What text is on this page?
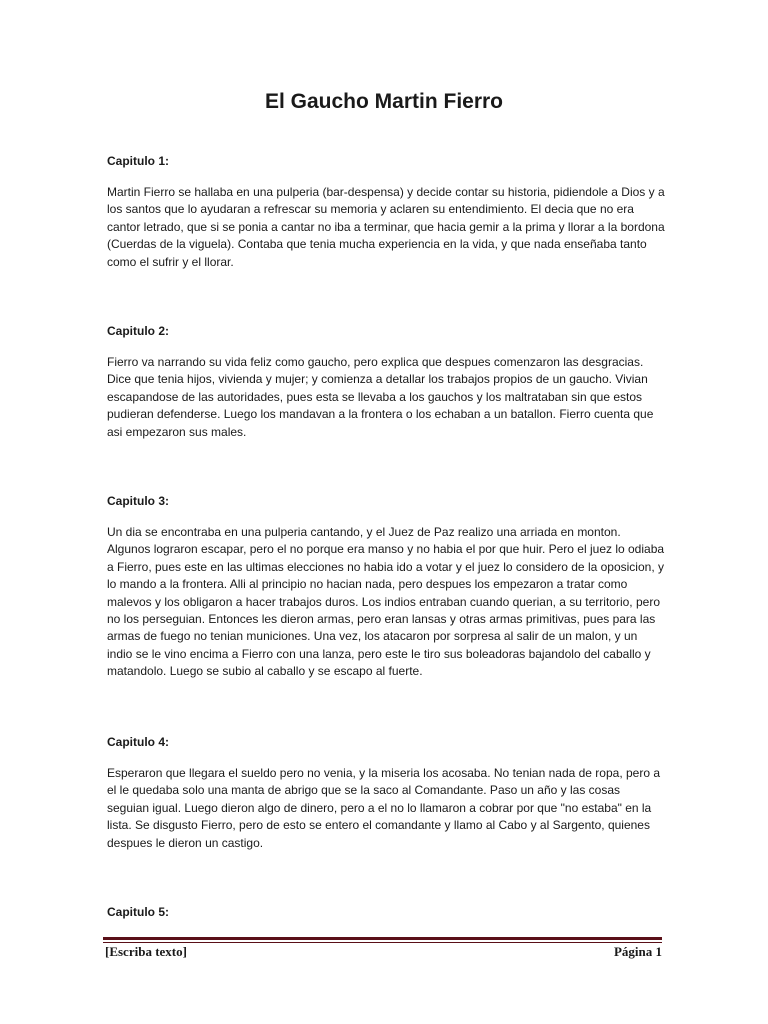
El Gaucho Martin Fierro

Capitulo 1:

Martin Fierro se hallaba en una pulperia (bar-despensa) y decide contar su historia, pidiendole a Dios y a los santos que lo ayudaran a refrescar su memoria y aclaren su entendimiento. El decia que no era cantor letrado, que si se ponia a cantar no iba a terminar, que hacia gemir a la prima y llorar a la bordona (Cuerdas de la viguela). Contaba que tenia mucha experiencia en la vida, y que nada enseñaba tanto como el sufrir y el llorar.

Capitulo 2:

Fierro va narrando su vida feliz como gaucho, pero explica que despues comenzaron las desgracias. Dice que tenia hijos, vivienda y mujer; y comienza a detallar los trabajos propios de un gaucho. Vivian escapandose de las autoridades, pues esta se llevaba a los gauchos y los maltrataban sin que estos pudieran defenderse. Luego los mandavan a la frontera o los echaban a un batallon. Fierro cuenta que asi empezaron sus males.

Capitulo 3:

Un dia se encontraba en una pulperia cantando, y el Juez de Paz realizo una arriada en monton. Algunos lograron escapar, pero el no porque era manso y no habia el por que huir. Pero el juez lo odiaba a Fierro, pues este en las ultimas elecciones no habia ido a votar y el juez lo considero de la oposicion, y lo mando a la frontera. Alli al principio no hacian nada, pero despues los empezaron a tratar como malevos y los obligaron a hacer trabajos duros. Los indios entraban cuando querian, a su territorio, pero no los perseguian. Entonces les dieron armas, pero eran lansas y otras armas primitivas, pues para las armas de fuego no tenian municiones. Una vez, los atacaron por sorpresa al salir de un malon, y un indio se le vino encima a Fierro con una lanza, pero este le tiro sus boleadoras bajandolo del caballo y matandolo. Luego se subio al caballo y se escapo al fuerte.

Capitulo 4:

Esperaron que llegara el sueldo pero no venia, y la miseria los acosaba. No tenian nada de ropa, pero a el le quedaba solo una manta de abrigo que se la saco al Comandante. Paso un año y las cosas seguian igual. Luego dieron algo de dinero, pero a el no lo llamaron a cobrar por que "no estaba" en la lista. Se disgusto Fierro, pero de esto se entero el comandante y llamo al Cabo y al Sargento, quienes despues le dieron un castigo.

Capitulo 5:

[Escriba texto]	Página 1
